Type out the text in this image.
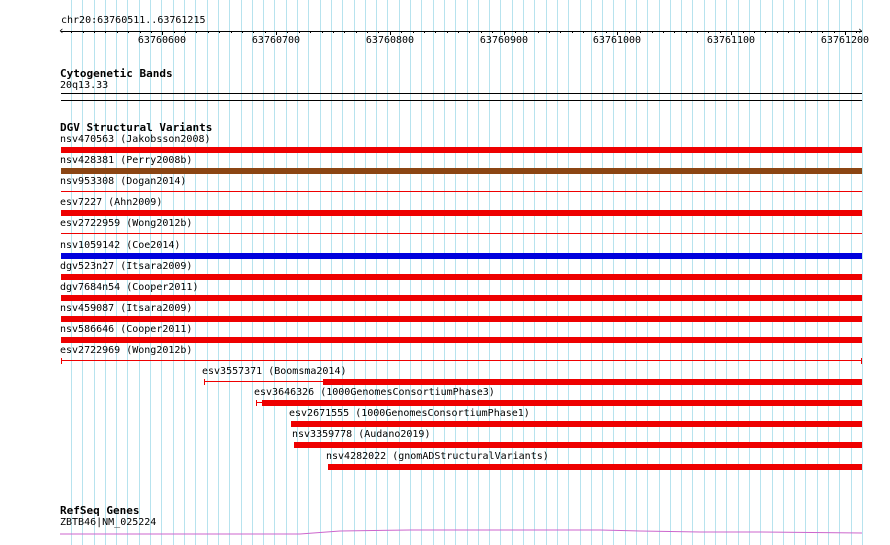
chr20:63760511..63761215
‹	›
63760600	63760700	63760800	63760900	63761000	63761100	63761200
Cytogenetic Bands
20q13.33
DGV Structural Variants
nsv470563 (Jakobsson2008)
nsv428381 (Perry2008b)
nsv953308 (Dogan2014)
esv7227 (Ahn2009)
esv2722959 (Wong2012b)
nsv1059142 (Coe2014)
dgv523n27 (Itsara2009)
dgv7684n54 (Cooper2011)
nsv459087 (Itsara2009)
nsv586646 (Cooper2011)
esv2722969 (Wong2012b)
esv3557371 (Boomsma2014)
esv3646326 (1000GenomesConsortiumPhase3)
esv2671555 (1000GenomesConsortiumPhase1)
nsv3359778 (Audano2019)
nsv4282022 (gnomADStructuralVariants)
RefSeq Genes
ZBTB46|NM_025224
